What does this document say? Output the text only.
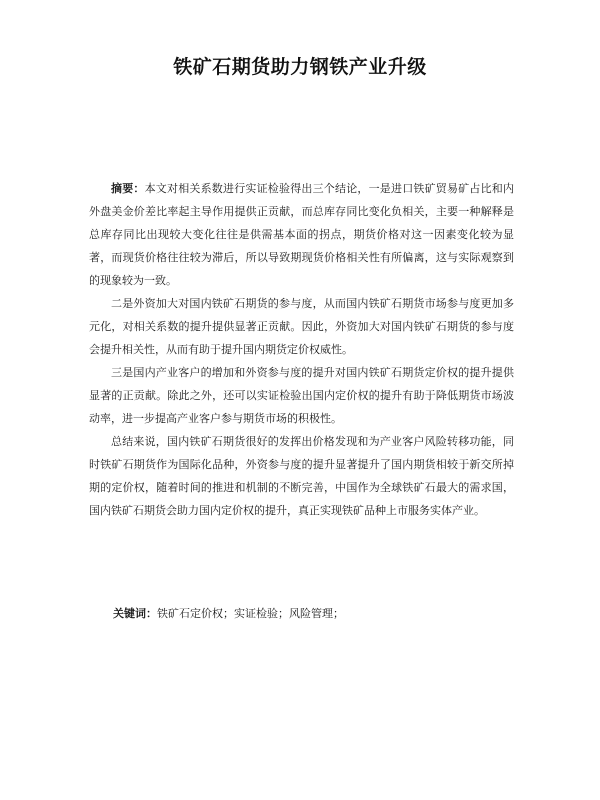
铁矿石期货助力钢铁产业升级

摘要：本文对相关系数进行实证检验得出三个结论，一是进口铁矿贸易矿占比和内外盘美金价差比率起主导作用提供正贡献，而总库存同比变化负相关，主要一种解释是总库存同比出现较大变化往往是供需基本面的拐点，期货价格对这一因素变化较为显著，而现货价格往往较为滞后，所以导致期现货价格相关性有所偏离，这与实际观察到的现象较为一致。

二是外资加大对国内铁矿石期货的参与度，从而国内铁矿石期货市场参与度更加多元化，对相关系数的提升提供显著正贡献。因此，外资加大对国内铁矿石期货的参与度会提升相关性，从而有助于提升国内期货定价权威性。

三是国内产业客户的增加和外资参与度的提升对国内铁矿石期货定价权的提升提供显著的正贡献。除此之外，还可以实证检验出国内定价权的提升有助于降低期货市场波动率，进一步提高产业客户参与期货市场的积极性。

总结来说，国内铁矿石期货很好的发挥出价格发现和为产业客户风险转移功能，同时铁矿石期货作为国际化品种，外资参与度的提升显著提升了国内期货相较于新交所掉期的定价权，随着时间的推进和机制的不断完善，中国作为全球铁矿石最大的需求国，国内铁矿石期货会助力国内定价权的提升，真正实现铁矿品种上市服务实体产业。

关键词：铁矿石定价权；实证检验；风险管理；
